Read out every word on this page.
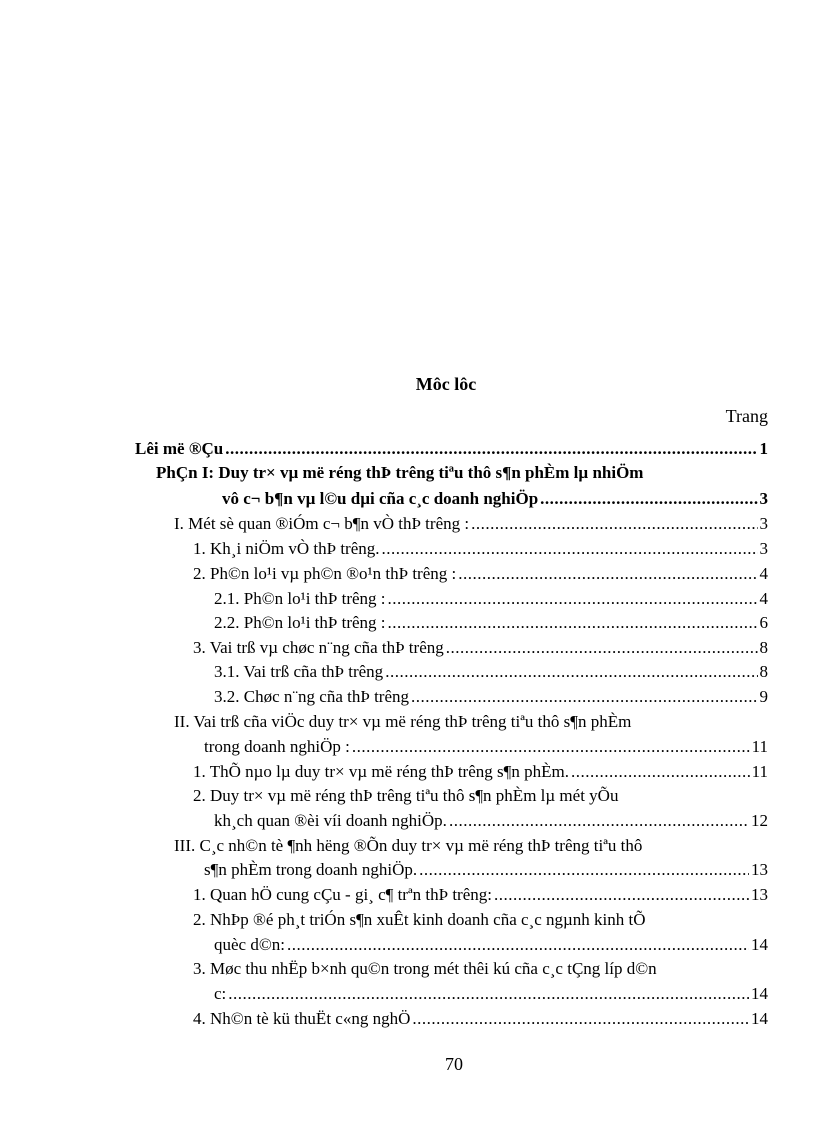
Môc lôc
Trang
Lêi më ®Çu .....	1
PhÇn I: Duy tr× vµ më réng thÞ trêng tiªu thô s¶n phÈm lµ nhiÖm
vô c¬ b¶n vµ l©u dµi cña c¸c doanh nghiÖp .....	3
I. Mét sè quan ®iÓm c¬ b¶n vÒ thÞ trêng : .....	3
1. Kh¸i niÖm vÒ thÞ trêng. .....	3
2. Ph©n lo¹i vµ ph©n ®o¹n thÞ trêng : .....	4
2.1. Ph©n lo¹i thÞ trêng : .....	4
2.2. Ph©n lo¹i thÞ trêng : .....	6
3. Vai trß vµ chøc n¨ng cña thÞ trêng .....	8
3.1. Vai trß cña thÞ trêng .....	8
3.2. Chøc n¨ng cña thÞ trêng .....	9
II. Vai trß cña viÖc duy tr× vµ më réng thÞ trêng tiªu thô s¶n phÈm
trong doanh nghiÖp : .....	11
1. ThÕ nµo lµ duy tr× vµ më réng thÞ trêng s¶n phÈm. .....	11
2. Duy tr× vµ më réng thÞ trêng tiªu thô s¶n phÈm lµ mét yÕu
kh¸ch quan ®èi víi doanh nghiÖp. .....	12
III. C¸c nh©n tè ¶nh hëng ®Õn duy tr× vµ më réng thÞ trêng tiªu thô
s¶n phÈm trong doanh nghiÖp. .....	13
1. Quan hÖ cung cÇu - gi¸ c¶ trªn thÞ trêng: .....	13
2. NhÞp ®é ph¸t triÓn s¶n xuÊt kinh doanh cña c¸c ngµnh kinh tÕ
quèc d©n: .....	14
3. Møc thu nhËp b×nh qu©n trong mét thêi kú cña c¸c tÇng líp d©n
c: .....	14
4. Nh©n tè kü thuËt c«ng nghÖ .....	14
70
